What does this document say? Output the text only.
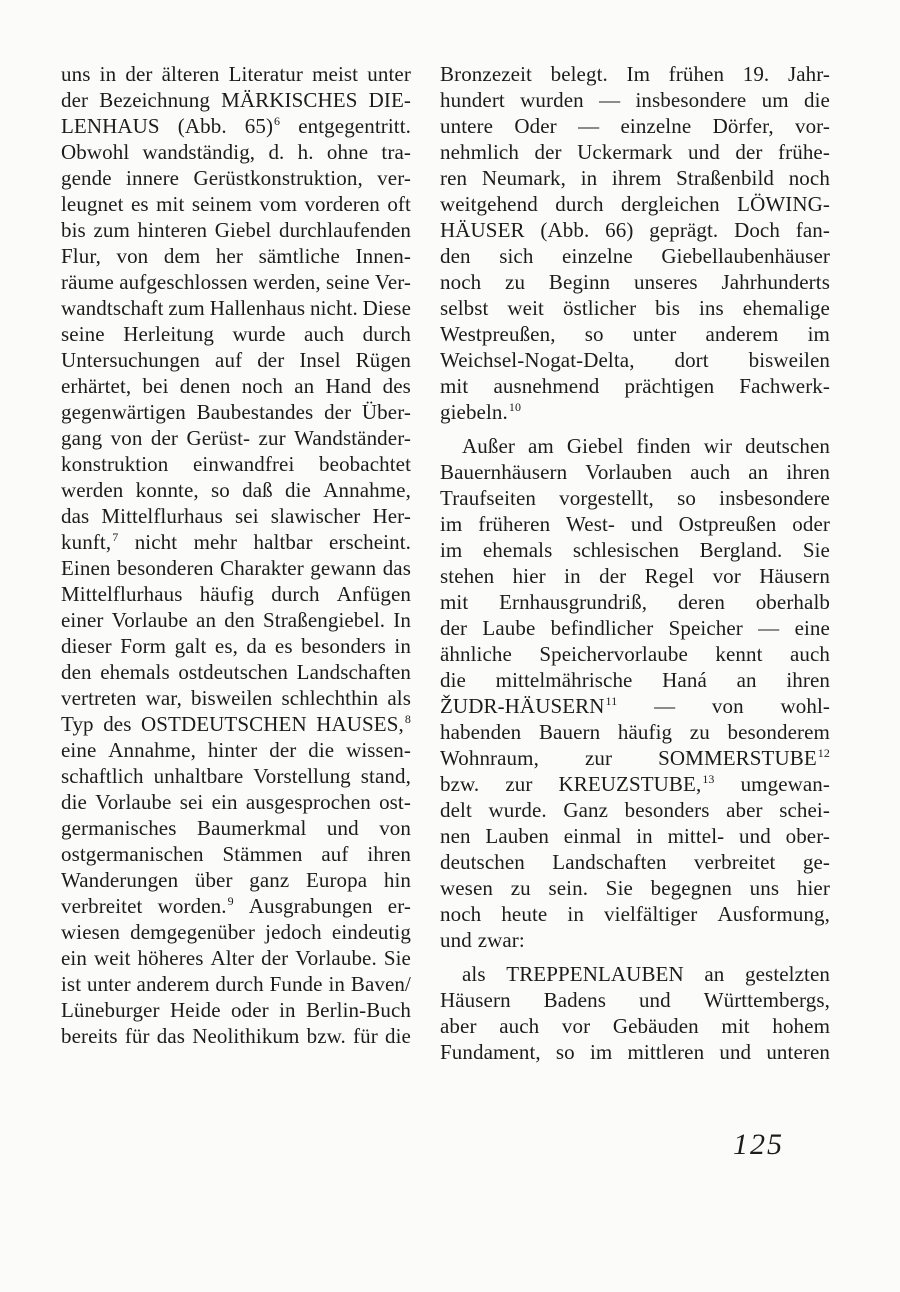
uns in der älteren Literatur meist unter
der Bezeichnung MÄRKISCHES DIE-
LENHAUS (Abb. 65)$^6$ entgegentritt.
Obwohl wandständig, d. h. ohne tra-
gende innere Gerüstkonstruktion, ver-
leugnet es mit seinem vom vorderen oft
bis zum hinteren Giebel durchlaufenden
Flur, von dem her sämtliche Innen-
räume aufgeschlossen werden, seine Ver-
wandtschaft zum Hallenhaus nicht. Diese
seine Herleitung wurde auch durch
Untersuchungen auf der Insel Rügen
erhärtet, bei denen noch an Hand des
gegenwärtigen Baubestandes der Über-
gang von der Gerüst- zur Wandständer-
konstruktion einwandfrei beobachtet
werden konnte, so daß die Annahme,
das Mittelflurhaus sei slawischer Her-
kunft,$^7$ nicht mehr haltbar erscheint.
Einen besonderen Charakter gewann das
Mittelflurhaus häufig durch Anfügen
einer Vorlaube an den Straßengiebel. In
dieser Form galt es, da es besonders in
den ehemals ostdeutschen Landschaften
vertreten war, bisweilen schlechthin als
Typ des OSTDEUTSCHEN HAUSES,$^8$
eine Annahme, hinter der die wissen-
schaftlich unhaltbare Vorstellung stand,
die Vorlaube sei ein ausgesprochen ost-
germanisches Baumerkmal und von
ostgermanischen Stämmen auf ihren
Wanderungen über ganz Europa hin
verbreitet worden.$^9$ Ausgrabungen er-
wiesen demgegenüber jedoch eindeutig
ein weit höheres Alter der Vorlaube. Sie
ist unter anderem durch Funde in Baven/
Lüneburger Heide oder in Berlin-Buch
bereits für das Neolithikum bzw. für die
Bronzezeit belegt. Im frühen 19. Jahr-
hundert wurden — insbesondere um die
untere Oder — einzelne Dörfer, vor-
nehmlich der Uckermark und der frühe-
ren Neumark, in ihrem Straßenbild noch
weitgehend durch dergleichen LÖWING-
HÄUSER (Abb. 66) geprägt. Doch fan-
den sich einzelne Giebellaubenhäuser
noch zu Beginn unseres Jahrhunderts
selbst weit östlicher bis ins ehemalige
Westpreußen, so unter anderem im
Weichsel-Nogat-Delta, dort bisweilen
mit ausnehmend prächtigen Fachwerk-
giebeln.$^{10}$
Außer am Giebel finden wir deutschen
Bauernhäusern Vorlauben auch an ihren
Traufseiten vorgestellt, so insbesondere
im früheren West- und Ostpreußen oder
im ehemals schlesischen Bergland. Sie
stehen hier in der Regel vor Häusern
mit Ernhausgrundriß, deren oberhalb
der Laube befindlicher Speicher — eine
ähnliche Speichervorlaube kennt auch
die mittelmährische Haná an ihren
ŽUDR-HÄUSERN$^{11}$ — von wohl-
habenden Bauern häufig zu besonderem
Wohnraum, zur SOMMERSTUBE$^{12}$
bzw. zur KREUZSTUBE,$^{13}$ umgewan-
delt wurde. Ganz besonders aber schei-
nen Lauben einmal in mittel- und ober-
deutschen Landschaften verbreitet ge-
wesen zu sein. Sie begegnen uns hier
noch heute in vielfältiger Ausformung,
und zwar:
als TREPPENLAUBEN an gestelzten
Häusern Badens und Württembergs,
aber auch vor Gebäuden mit hohem
Fundament, so im mittleren und unteren
125
